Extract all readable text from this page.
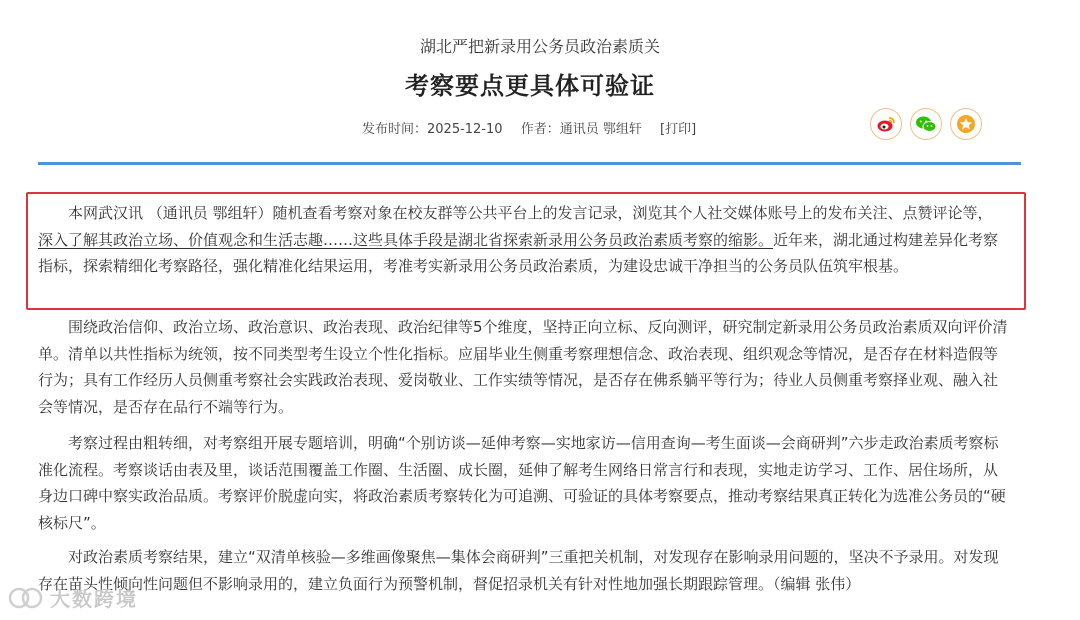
湖北严把新录用公务员政治素质关
考察要点更具体可验证
发布时间：2025-12-10 作者：通讯员 鄂组轩 [打印]

本网武汉讯 （通讯员 鄂组轩）随机查看考察对象在校友群等公共平台上的发言记录，浏览其个人社交媒体账号上的发布关注、点赞评论等，深入了解其政治立场、价值观念和生活志趣……这些具体手段是湖北省探索新录用公务员政治素质考察的缩影。近年来，湖北通过构建差异化考察指标，探索精细化考察路径，强化精准化结果运用，考准考实新录用公务员政治素质，为建设忠诚干净担当的公务员队伍筑牢根基。

围绕政治信仰、政治立场、政治意识、政治表现、政治纪律等5个维度，坚持正向立标、反向测评，研究制定新录用公务员政治素质双向评价清单。清单以共性指标为统领，按不同类型考生设立个性化指标。应届毕业生侧重考察理想信念、政治表现、组织观念等情况，是否存在材料造假等行为；具有工作经历人员侧重考察社会实践政治表现、爱岗敬业、工作实绩等情况，是否存在佛系躺平等行为；待业人员侧重考察择业观、融入社会等情况，是否存在品行不端等行为。

考察过程由粗转细，对考察组开展专题培训，明确“个别访谈—延伸考察—实地家访—信用查询—考生面谈—会商研判”六步走政治素质考察标准化流程。考察谈话由表及里，谈话范围覆盖工作圈、生活圈、成长圈，延伸了解考生网络日常言行和表现，实地走访学习、工作、居住场所，从身边口碑中察实政治品质。考察评价脱虚向实，将政治素质考察转化为可追溯、可验证的具体考察要点，推动考察结果真正转化为选准公务员的“硬核标尺”。

对政治素质考察结果，建立“双清单核验—多维画像聚焦—集体会商研判”三重把关机制，对发现存在影响录用问题的，坚决不予录用。对发现存在苗头性倾向性问题但不影响录用的，建立负面行为预警机制，督促招录机关有针对性地加强长期跟踪管理。（编辑 张伟）

大数跨境
